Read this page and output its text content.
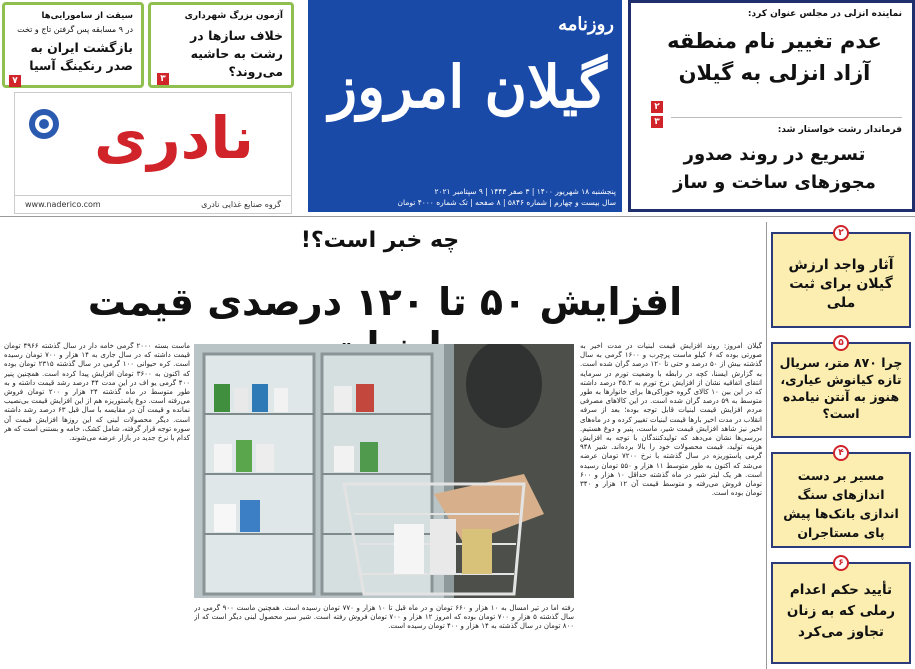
نماینده انزلی در مجلس عنوان کرد:
عدم تغییر نام منطقه آزاد انزلی به گیلان
۲
۳
فرماندار رشت خواستار شد:
تسریع در روند صدور مجوزهای ساخت و ساز
روزنامه
گیلان امروز
پنجشنبه ۱۸ شهریور ۱۴۰۰ | ۳ صفر ۱۴۴۳ | ۹ سپتامبر ۲۰۲۱
سال بیست و چهارم | شماره ۵۸۴۶ | ۸ صفحه | تک شماره ۴۰۰۰ تومان
آزمون بزرگ شهرداری
خلاف سازها در رشت به حاشیه می‌روند؟
۳
سیقت از سامورایی‌ها
در ۹ مسابقه پس گرفتن تاج و تخت
بازگشت ایران به صدر رنکینگ آسیا
۷
نادری
گروه صنایع غذایی نادری
www.naderico.com
چه خبر است؟!
افزایش ۵۰ تا ۱۲۰ درصدی قیمت
گیلان امروز: روند افزایش قیمت لبنیات در مدت اخیر به صورتی بوده که ۶ کیلو ماست پرچرب و ۱۶۰۰ گرمی به سال گذشته بیش از ۵۰ درصد و حتی تا ۱۲۰ درصد گران شده است. به گزارش ایسنا، کچه در رابطه با وضعیت تورم در سرمایه انتقای اتفاقیه نشان از افزایش نرخ تورم به ۴۵.۲ درصد داشته که در این بین ۱۰ کالای گروه خوراکی‌ها برای خانوارها به طور متوسط به ۵۹ درصد گران شده است. در این کالاهای مصرفی مردم افزایش قیمت لبنیات قابل توجه بوده؛ بعد از سرفه انقلاب در مدت اخیر بارها قیمت لبنیات تغییر کرده و در ماه‌های اخیر نیز شاهد افزایش قیمت شیر، ماست، پنیر و دوغ هستیم. بررسی‌ها نشان می‌دهد که تولیدکنندگان با توجه به افزایش هزینه تولید، قیمت محصولات خود را بالا برده‌اند. شیر ۹۴۸ گرمی پاستوریزه در سال گذشته با نرخ ۷۲۰۰ تومان عرضه می‌شد که اکنون به طور متوسط ۱۱ هزار و ۵۵۰ تومان رسیده است. هر یک لیتر شیر در ماه گذشته حداقل ۱۰ هزار و ۶۰۰ تومان فروش می‌رفته و متوسط قیمت آن ۱۲ هزار و ۳۴۰ تومان بوده است.
ماست بسته ۲۰۰۰ گرمی خامه دار در سال گذشته ۴۹۶۶ تومان قیمت داشته که در سال جاری به ۱۴ هزار و ۷۰۰ تومان رسیده است. کره حیوانی ۱۰۰ گرمی در سال گذشته ۲۳۱۵ تومان بوده که اکنون به ۳۶۰۰ تومان افزایش پیدا کرده است. همچنین پنیر ۴۰۰ گرمی یو اف در این مدت ۴۴ درصد رشد قیمت داشته و به طور متوسط در ماه گذشته ۲۴ هزار و ۲۰۰ تومان فروش می‌رفته است. دوغ پاستوریزه هم از این افزایش قیمت بی‌نصیب نمانده و قیمت آن در مقایسه با سال قبل ۶۳ درصد رشد داشته است. دیگر محصولات لبنی که این روزها افزایش قیمت آن سوره توجه قرار گرفته، شامل کشک، خامه و بستنی است که هر کدام با نرخ جدید در بازار عرضه می‌شوند.
رفته اما در تیر امسال به ۱۰ هزار و ۶۶۰ تومان و در ماه قبل تا ۱۰ هزار و ۷۷۰ تومان رسیده است. همچنین ماست ۹۰۰ گرمی در سال گذشته ۵ هزار و ۷۰۰ تومان بوده که امروز ۱۲ هزار و ۷۰۰ تومان فروش رفته است. شیر سیر محصول لبنی دیگر است که از ۸۰۰ تومان در سال گذشته به ۱۴ هزار و ۴۰۰ تومان رسیده است.
۲
آثار واجد ارزش گیلان برای ثبت ملی
۵
چرا ۸۷۰ متر، سریال تازه کیانوش عیاری، هنوز به آنتن نیامده است؟
۴
مسیر بر دست اندازهای سنگ اندازی بانک‌ها پیش پای مستاجران
۶
تأیید حکم اعدام رملی که به زنان تجاوز می‌کرد
